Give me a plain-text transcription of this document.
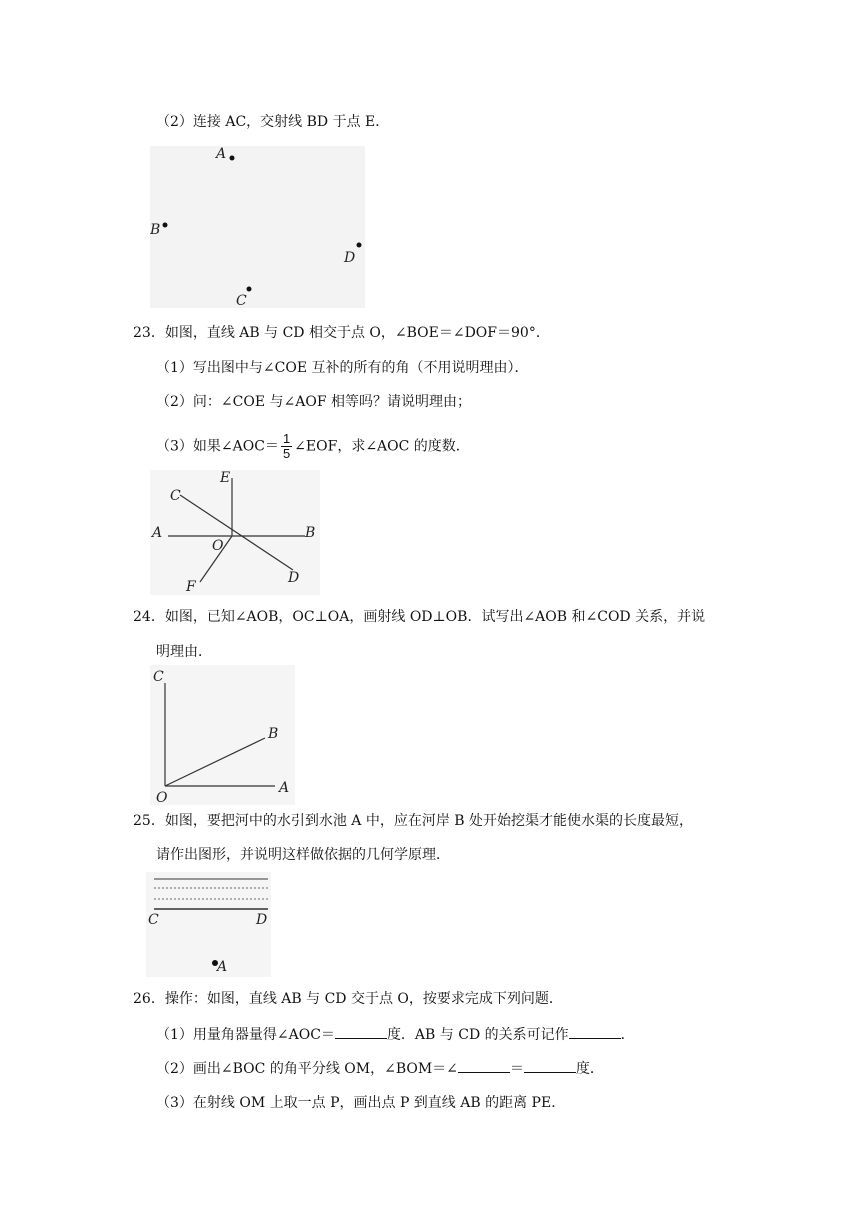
（2）连接 AC，交射线 BD 于点 E．
A
B
D
C
23．如图，直线 AB 与 CD 相交于点 O，∠BOE＝∠DOF＝90°．
（1）写出图中与∠COE 互补的所有的角（不用说明理由）．
（2）问：∠COE 与∠AOF 相等吗？请说明理由；
（3）如果∠AOC＝ $\frac{1}{5}$ ∠EOF，求∠AOC 的度数．
E
C
A	B
O
D
F
24．如图，已知∠AOB，OC⊥OA，画射线 OD⊥OB．试写出∠AOB 和∠COD 关系，并说
明理由．
C
B
O
A
25．如图，要把河中的水引到水池 A 中，应在河岸 B 处开始挖渠才能使水渠的长度最短，
请作出图形，并说明这样做依据的几何学原理．
C	D
A
26．操作：如图，直线 AB 与 CD 交于点 O，按要求完成下列问题．
（1）用量角器量得∠AOC＝	度．AB 与 CD 的关系可记作	．
（2）画出∠BOC 的角平分线 OM，∠BOM＝∠	＝	度．
（3）在射线 OM 上取一点 P，画出点 P 到直线 AB 的距离 PE．
